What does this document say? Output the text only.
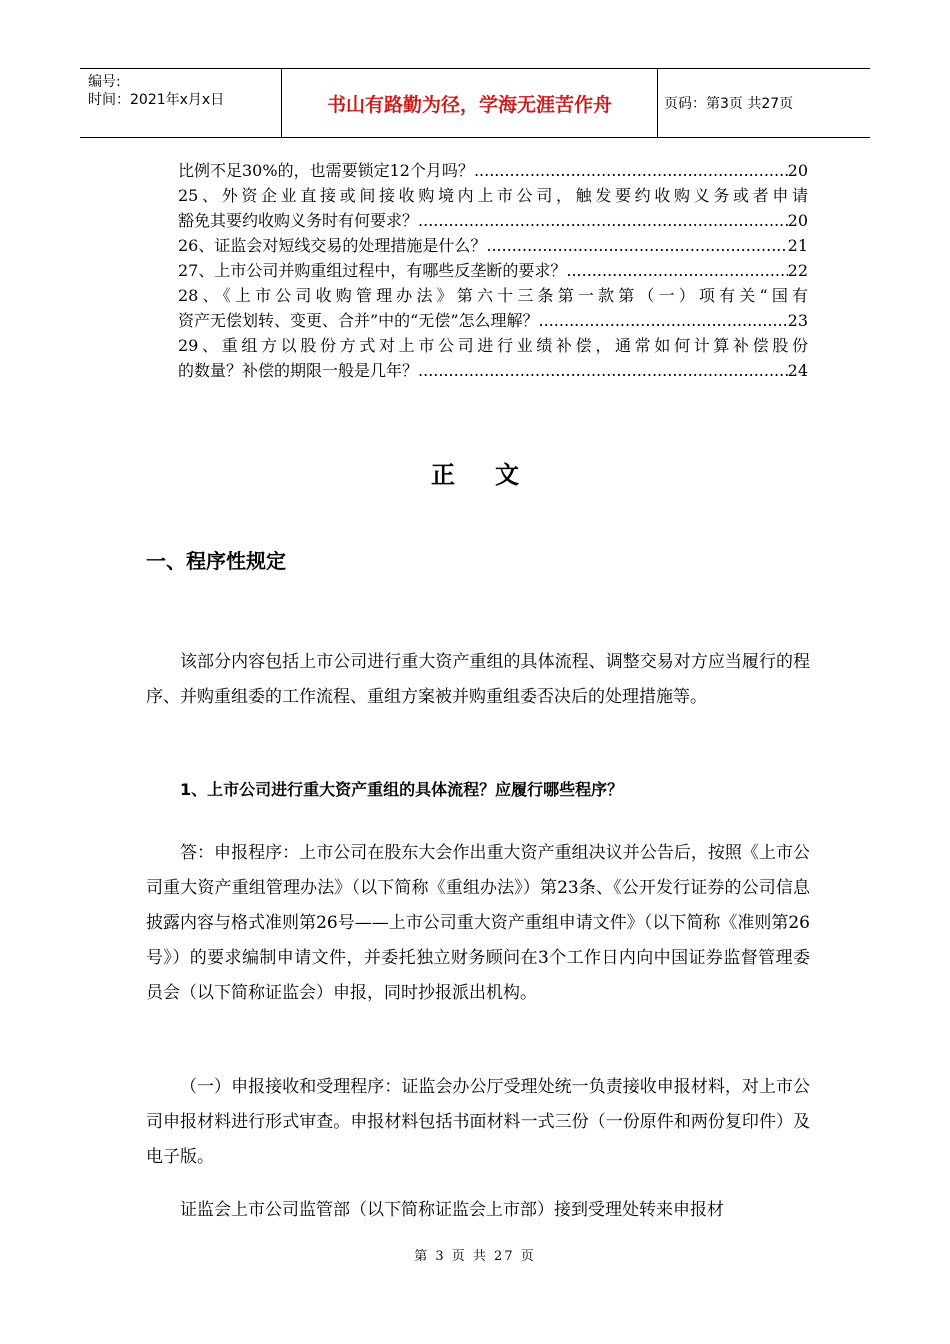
编号:
时间：2021年x月x日	书山有路勤为径，学海无涯苦作舟	页码：第3页 共27页
比例不足30%的，也需要锁定12个月吗？ .....	20
25、外资企业直接或间接收购境内上市公司，触发要约收购义务或者申请
豁免其要约收购义务时有何要求？ .....	20
26、证监会对短线交易的处理措施是什么？ .....	21
27、上市公司并购重组过程中，有哪些反垄断的要求？ .....	22
28、《上市公司收购管理办法》第六十三条第一款第（一）项有关“国有
资产无偿划转、变更、合并”中的“无偿”怎么理解？ .....	23
29、重组方以股份方式对上市公司进行业绩补偿，通常如何计算补偿股份
的数量？补偿的期限一般是几年？ .....	24
正文
一、程序性规定
该部分内容包括上市公司进行重大资产重组的具体流程、调整交易对方应当履行的程序、并购重组委的工作流程、重组方案被并购重组委否决后的处理措施等。
1、上市公司进行重大资产重组的具体流程？应履行哪些程序？
答：申报程序：上市公司在股东大会作出重大资产重组决议并公告后，按照《上市公司重大资产重组管理办法》（以下简称《重组办法》）第23条、《公开发行证券的公司信息披露内容与格式准则第26号——上市公司重大资产重组申请文件》（以下简称《准则第26号》）的要求编制申请文件，并委托独立财务顾问在3个工作日内向中国证券监督管理委员会（以下简称证监会）申报，同时抄报派出机构。
（一）申报接收和受理程序：证监会办公厅受理处统一负责接收申报材料，对上市公司申报材料进行形式审查。申报材料包括书面材料一式三份（一份原件和两份复印件）及电子版。
证监会上市公司监管部（以下简称证监会上市部）接到受理处转来申报材
第 3 页 共 27 页
